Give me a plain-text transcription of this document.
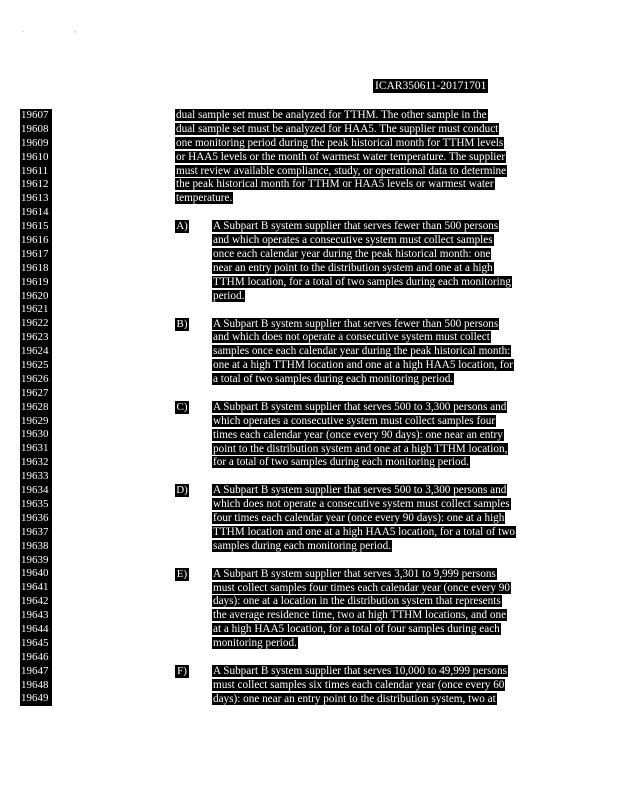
. ,
ICAR350611-20171701
19607
19608
19609
19610
19611
19612
19613
19614
19615
19616
19617
19618
19619
19620
19621
19622
19623
19624
19625
19626
19627
19628
19629
19630
19631
19632
19633
19634
19635
19636
19637
19638
19639
19640
19641
19642
19643
19644
19645
19646
19647
19648
19649
dual sample set must be analyzed for TTHM. The other sample in the
dual sample set must be analyzed for HAA5. The supplier must conduct
one monitoring period during the peak historical month for TTHM levels
or HAA5 levels or the month of warmest water temperature. The supplier
must review available compliance, study, or operational data to determine
the peak historical month for TTHM or HAA5 levels or warmest water
temperature.
A) A Subpart B system supplier that serves fewer than 500 persons
and which operates a consecutive system must collect samples
once each calendar year during the peak historical month: one
near an entry point to the distribution system and one at a high
TTHM location, for a total of two samples during each monitoring
period.
B) A Subpart B system supplier that serves fewer than 500 persons
and which does not operate a consecutive system must collect
samples once each calendar year during the peak historical month:
one at a high TTHM location and one at a high HAA5 location, for
a total of two samples during each monitoring period.
C) A Subpart B system supplier that serves 500 to 3,300 persons and
which operates a consecutive system must collect samples four
times each calendar year (once every 90 days): one near an entry
point to the distribution system and one at a high TTHM location,
for a total of two samples during each monitoring period.
D) A Subpart B system supplier that serves 500 to 3,300 persons and
which does not operate a consecutive system must collect samples
four times each calendar year (once every 90 days): one at a high
TTHM location and one at a high HAA5 location, for a total of two
samples during each monitoring period.
E) A Subpart B system supplier that serves 3,301 to 9,999 persons
must collect samples four times each calendar year (once every 90
days): one at a location in the distribution system that represents
the average residence time, two at high TTHM locations, and one
at a high HAA5 location, for a total of four samples during each
monitoring period.
F) A Subpart B system supplier that serves 10,000 to 49,999 persons
must collect samples six times each calendar year (once every 60
days): one near an entry point to the distribution system, two at
